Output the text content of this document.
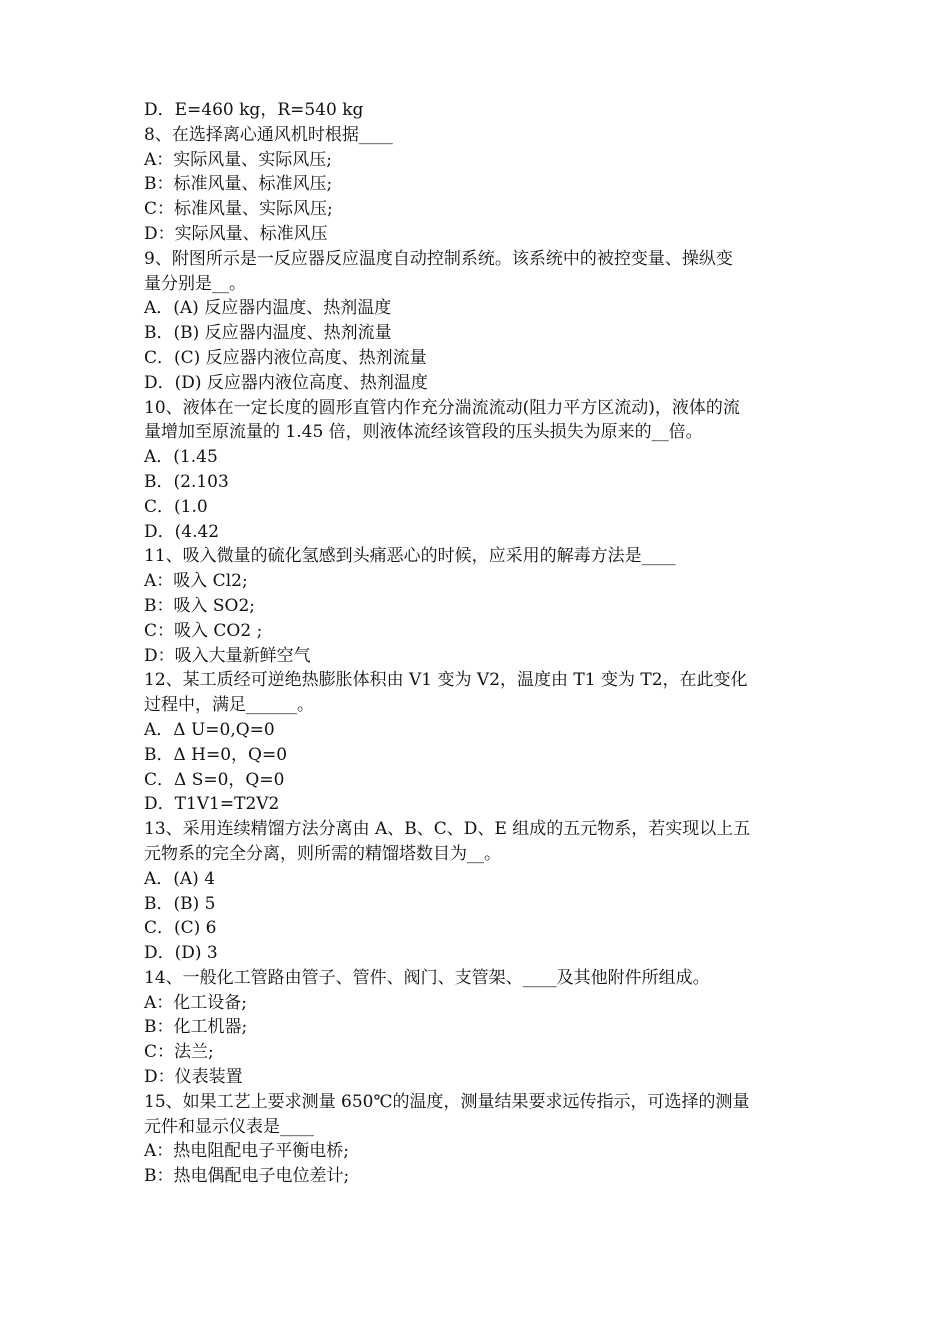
D．E=460 kg，R=540 kg
8、在选择离心通风机时根据____
A：实际风量、实际风压;
B：标准风量、标准风压;
C：标准风量、实际风压;
D：实际风量、标准风压
9、附图所示是一反应器反应温度自动控制系统。该系统中的被控变量、操纵变
量分别是__。
A．(A) 反应器内温度、热剂温度
B．(B) 反应器内温度、热剂流量
C．(C) 反应器内液位高度、热剂流量
D．(D) 反应器内液位高度、热剂温度
10、液体在一定长度的圆形直管内作充分湍流流动(阻力平方区流动)，液体的流
量增加至原流量的 1.45 倍，则液体流经该管段的压头损失为原来的__倍。
A．(1.45
B．(2.103
C．(1.0
D．(4.42
11、吸入微量的硫化氢感到头痛恶心的时候，应采用的解毒方法是____
A：吸入 Cl2;
B：吸入 SO2;
C：吸入 CO2 ;
D：吸入大量新鲜空气
12、某工质经可逆绝热膨胀体积由 V1 变为 V2，温度由 T1 变为 T2，在此变化
过程中，满足______。
A．Δ U=0,Q=0
B．Δ H=0，Q=0
C．Δ S=0，Q=0
D．T1V1=T2V2
13、采用连续精馏方法分离由 A、B、C、D、E 组成的五元物系，若实现以上五
元物系的完全分离，则所需的精馏塔数目为__。
A．(A) 4
B．(B) 5
C．(C) 6
D．(D) 3
14、一般化工管路由管子、管件、阀门、支管架、____及其他附件所组成。
A：化工设备;
B：化工机器;
C：法兰;
D：仪表装置
15、如果工艺上要求测量 650℃的温度，测量结果要求远传指示，可选择的测量
元件和显示仪表是____
A：热电阻配电子平衡电桥;
B：热电偶配电子电位差计;
